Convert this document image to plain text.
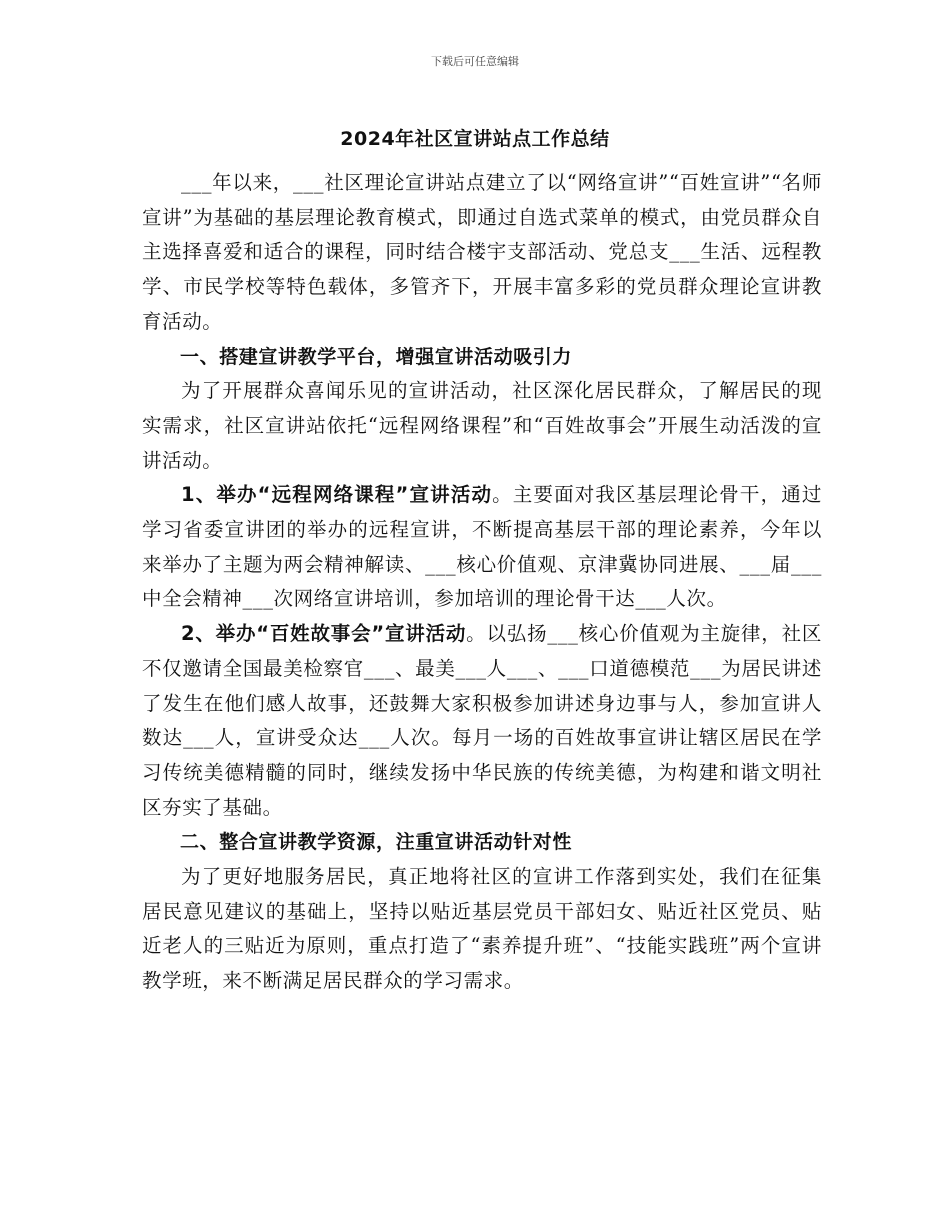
下载后可任意编辑
2024年社区宣讲站点工作总结

___年以来，___社区理论宣讲站点建立了以“网络宣讲”“百姓宣讲”“名师宣讲”为基础的基层理论教育模式，即通过自选式菜单的模式，由党员群众自主选择喜爱和适合的课程，同时结合楼宇支部活动、党总支___生活、远程教学、市民学校等特色载体，多管齐下，开展丰富多彩的党员群众理论宣讲教育活动。

一、搭建宣讲教学平台，增强宣讲活动吸引力

为了开展群众喜闻乐见的宣讲活动，社区深化居民群众，了解居民的现实需求，社区宣讲站依托“远程网络课程”和“百姓故事会”开展生动活泼的宣讲活动。

1、举办“远程网络课程”宣讲活动。主要面对我区基层理论骨干，通过学习省委宣讲团的举办的远程宣讲，不断提高基层干部的理论素养，今年以来举办了主题为两会精神解读、___核心价值观、京津冀协同进展、___届___中全会精神___次网络宣讲培训，参加培训的理论骨干达___人次。

2、举办“百姓故事会”宣讲活动。以弘扬___核心价值观为主旋律，社区不仅邀请全国最美检察官___、最美___人___、___口道德模范___为居民讲述了发生在他们感人故事，还鼓舞大家积极参加讲述身边事与人，参加宣讲人数达___人，宣讲受众达___人次。每月一场的百姓故事宣讲让辖区居民在学习传统美德精髓的同时，继续发扬中华民族的传统美德，为构建和谐文明社区夯实了基础。

二、整合宣讲教学资源，注重宣讲活动针对性

为了更好地服务居民，真正地将社区的宣讲工作落到实处，我们在征集居民意见建议的基础上，坚持以贴近基层党员干部妇女、贴近社区党员、贴近老人的三贴近为原则，重点打造了“素养提升班”、“技能实践班”两个宣讲教学班，来不断满足居民群众的学习需求。
